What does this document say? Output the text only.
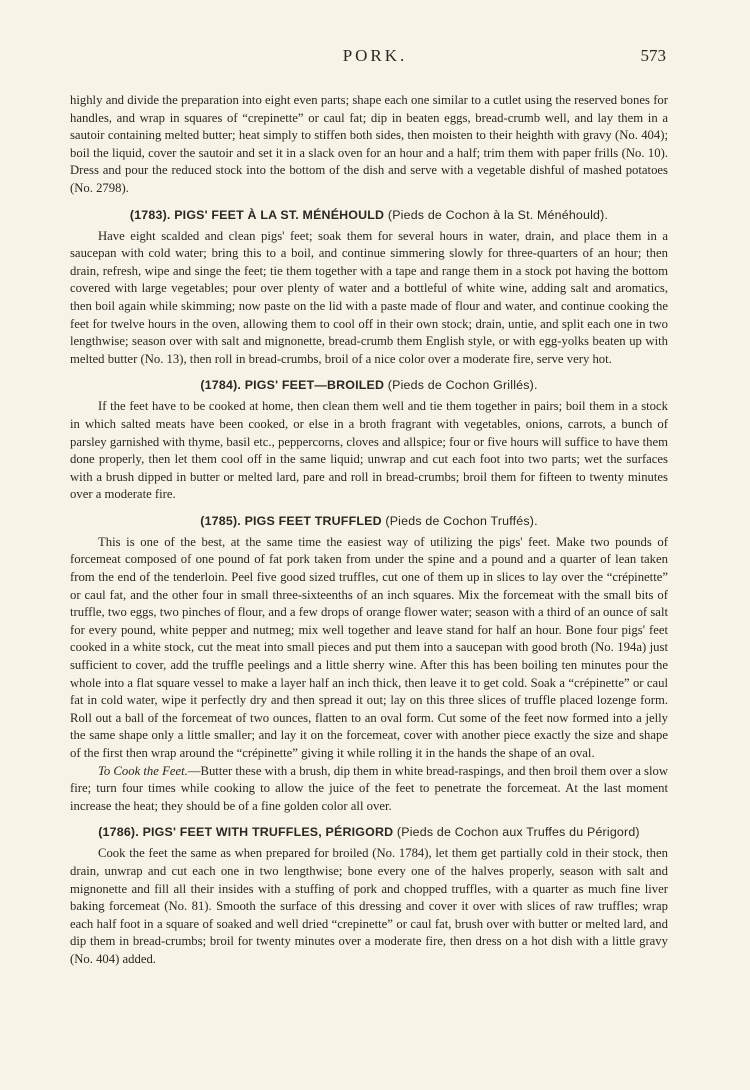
PORK.	573

highly and divide the preparation into eight even parts; shape each one similar to a cutlet using the reserved bones for handles, and wrap in squares of “crepinette” or caul fat; dip in beaten eggs, bread-crumb well, and lay them in a sautoir containing melted butter; heat simply to stiffen both sides, then moisten to their heighth with gravy (No. 404); boil the liquid, cover the sautoir and set it in a slack oven for an hour and a half; trim them with paper frills (No. 10). Dress and pour the reduced stock into the bottom of the dish and serve with a vegetable dishful of mashed potatoes (No. 2798).

(1783). PIGS' FEET À LA ST. MÉNÉHOULD (Pieds de Cochon à la St. Ménéhould).

Have eight scalded and clean pigs' feet; soak them for several hours in water, drain, and place them in a saucepan with cold water; bring this to a boil, and continue simmering slowly for three-quarters of an hour; then drain, refresh, wipe and singe the feet; tie them together with a tape and range them in a stock pot having the bottom covered with large vegetables; pour over plenty of water and a bottleful of white wine, adding salt and aromatics, then boil again while skimming; now paste on the lid with a paste made of flour and water, and continue cooking the feet for twelve hours in the oven, allowing them to cool off in their own stock; drain, untie, and split each one in two lengthwise; season over with salt and mignonette, bread-crumb them English style, or with egg-yolks beaten up with melted butter (No. 13), then roll in bread-crumbs, broil of a nice color over a moderate fire, serve very hot.

(1784). PIGS' FEET—BROILED (Pieds de Cochon Grillés).

If the feet have to be cooked at home, then clean them well and tie them together in pairs; boil them in a stock in which salted meats have been cooked, or else in a broth fragrant with vegetables, onions, carrots, a bunch of parsley garnished with thyme, basil etc., peppercorns, cloves and allspice; four or five hours will suffice to have them done properly, then let them cool off in the same liquid; unwrap and cut each foot into two parts; wet the surfaces with a brush dipped in butter or melted lard, pare and roll in bread-crumbs; broil them for fifteen to twenty minutes over a moderate fire.

(1785). PIGS FEET TRUFFLED (Pieds de Cochon Truffés).

This is one of the best, at the same time the easiest way of utilizing the pigs' feet. Make two pounds of forcemeat composed of one pound of fat pork taken from under the spine and a pound and a quarter of lean taken from the end of the tenderloin. Peel five good sized truffles, cut one of them up in slices to lay over the “crépinette” or caul fat, and the other four in small three-sixteenths of an inch squares. Mix the forcemeat with the small bits of truffle, two eggs, two pinches of flour, and a few drops of orange flower water; season with a third of an ounce of salt for every pound, white pepper and nutmeg; mix well together and leave stand for half an hour. Bone four pigs' feet cooked in a white stock, cut the meat into small pieces and put them into a saucepan with good broth (No. 194a) just sufficient to cover, add the truffle peelings and a little sherry wine. After this has been boiling ten minutes pour the whole into a flat square vessel to make a layer half an inch thick, then leave it to get cold. Soak a “crépinette” or caul fat in cold water, wipe it perfectly dry and then spread it out; lay on this three slices of truffle placed lozenge form. Roll out a ball of the forcemeat of two ounces, flatten to an oval form. Cut some of the feet now formed into a jelly the same shape only a little smaller; and lay it on the forcemeat, cover with another piece exactly the size and shape of the first then wrap around the “crépinette” giving it while rolling it in the hands the shape of an oval.

To Cook the Feet.—Butter these with a brush, dip them in white bread-raspings, and then broil them over a slow fire; turn four times while cooking to allow the juice of the feet to penetrate the forcemeat. At the last moment increase the heat; they should be of a fine golden color all over.

(1786). PIGS' FEET WITH TRUFFLES, PÉRIGORD (Pieds de Cochon aux Truffes du Périgord)

Cook the feet the same as when prepared for broiled (No. 1784), let them get partially cold in their stock, then drain, unwrap and cut each one in two lengthwise; bone every one of the halves properly, season with salt and mignonette and fill all their insides with a stuffing of pork and chopped truffles, with a quarter as much fine liver baking forcemeat (No. 81). Smooth the surface of this dressing and cover it over with slices of raw truffles; wrap each half foot in a square of soaked and well dried “crepinette” or caul fat, brush over with butter or melted lard, and dip them in bread-crumbs; broil for twenty minutes over a moderate fire, then dress on a hot dish with a little gravy (No. 404) added.
